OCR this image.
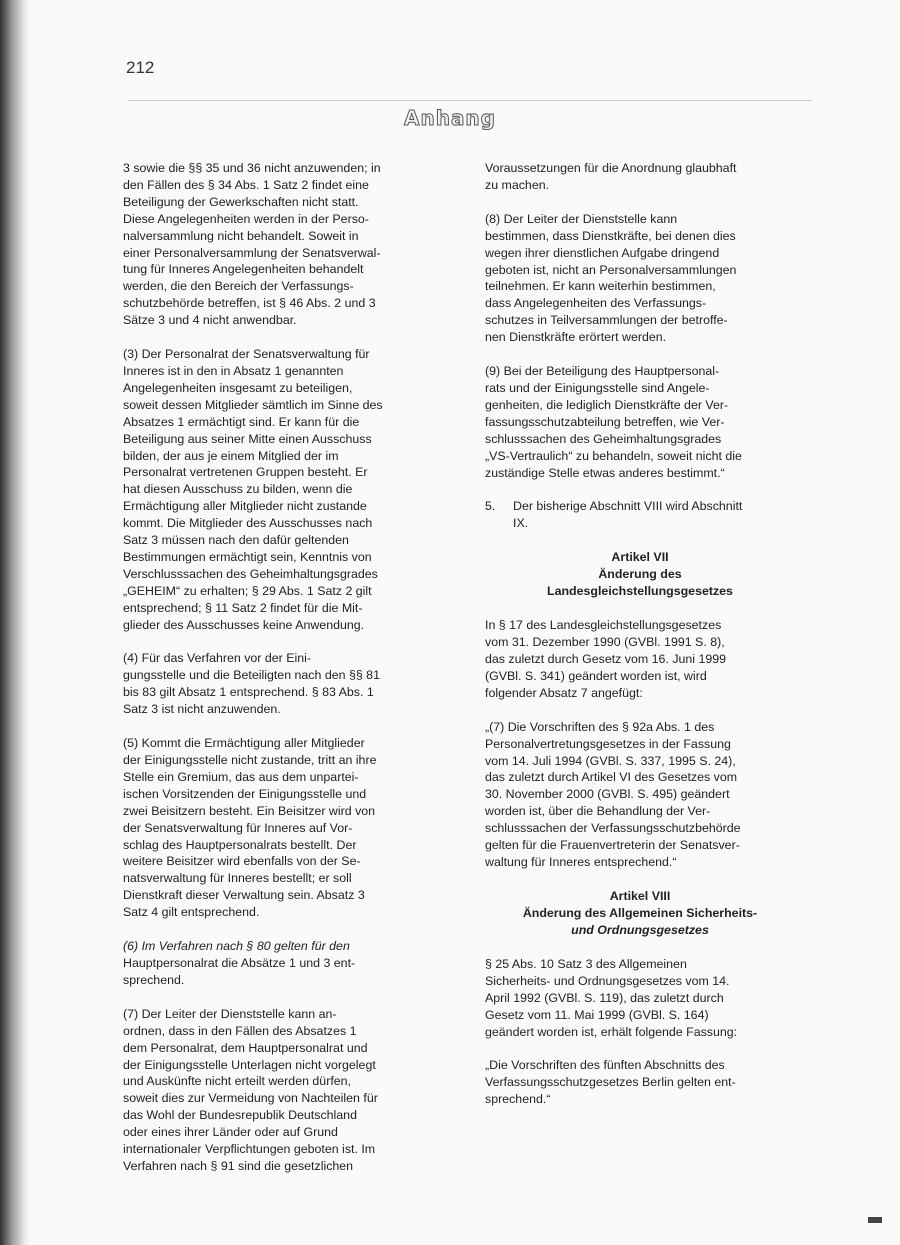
212
Anhang

3 sowie die §§ 35 und 36 nicht anzuwenden; in
den Fällen des § 34 Abs. 1 Satz 2 findet eine
Beteiligung der Gewerkschaften nicht statt.
Diese Angelegenheiten werden in der Perso-
nalversammlung nicht behandelt. Soweit in
einer Personalversammlung der Senatsverwal-
tung für Inneres Angelegenheiten behandelt
werden, die den Bereich der Verfassungs-
schutzbehörde betreffen, ist § 46 Abs. 2 und 3
Sätze 3 und 4 nicht anwendbar.

(3) Der Personalrat der Senatsverwaltung für
Inneres ist in den in Absatz 1 genannten
Angelegenheiten insgesamt zu beteiligen,
soweit dessen Mitglieder sämtlich im Sinne des
Absatzes 1 ermächtigt sind. Er kann für die
Beteiligung aus seiner Mitte einen Ausschuss
bilden, der aus je einem Mitglied der im
Personalrat vertretenen Gruppen besteht. Er
hat diesen Ausschuss zu bilden, wenn die
Ermächtigung aller Mitglieder nicht zustande
kommt. Die Mitglieder des Ausschusses nach
Satz 3 müssen nach den dafür geltenden
Bestimmungen ermächtigt sein, Kenntnis von
Verschlusssachen des Geheimhaltungsgrades
„GEHEIM“ zu erhalten; § 29 Abs. 1 Satz 2 gilt
entsprechend; § 11 Satz 2 findet für die Mit-
glieder des Ausschusses keine Anwendung.

(4) Für das Verfahren vor der Eini-
gungsstelle und die Beteiligten nach den §§ 81
bis 83 gilt Absatz 1 entsprechend. § 83 Abs. 1
Satz 3 ist nicht anzuwenden.

(5) Kommt die Ermächtigung aller Mitglieder
der Einigungsstelle nicht zustande, tritt an ihre
Stelle ein Gremium, das aus dem unpartei-
ischen Vorsitzenden der Einigungsstelle und
zwei Beisitzern besteht. Ein Beisitzer wird von
der Senatsverwaltung für Inneres auf Vor-
schlag des Hauptpersonalrats bestellt. Der
weitere Beisitzer wird ebenfalls von der Se-
natsverwaltung für Inneres bestellt; er soll
Dienstkraft dieser Verwaltung sein. Absatz 3
Satz 4 gilt entsprechend.

(6) Im Verfahren nach § 80 gelten für den
Hauptpersonalrat die Absätze 1 und 3 ent-
sprechend.

(7) Der Leiter der Dienststelle kann an-
ordnen, dass in den Fällen des Absatzes 1
dem Personalrat, dem Hauptpersonalrat und
der Einigungsstelle Unterlagen nicht vorgelegt
und Auskünfte nicht erteilt werden dürfen,
soweit dies zur Vermeidung von Nachteilen für
das Wohl der Bundesrepublik Deutschland
oder eines ihrer Länder oder auf Grund
internationaler Verpflichtungen geboten ist. Im
Verfahren nach § 91 sind die gesetzlichen

Voraussetzungen für die Anordnung glaubhaft
zu machen.

(8) Der Leiter der Dienststelle kann
bestimmen, dass Dienstkräfte, bei denen dies
wegen ihrer dienstlichen Aufgabe dringend
geboten ist, nicht an Personalversammlungen
teilnehmen. Er kann weiterhin bestimmen,
dass Angelegenheiten des Verfassungs-
schutzes in Teilversammlungen der betroffe-
nen Dienstkräfte erörtert werden.

(9) Bei der Beteiligung des Hauptpersonal-
rats und der Einigungsstelle sind Angele-
genheiten, die lediglich Dienstkräfte der Ver-
fassungsschutzabteilung betreffen, wie Ver-
schlusssachen des Geheimhaltungsgrades
„VS-Vertraulich“ zu behandeln, soweit nicht die
zuständige Stelle etwas anderes bestimmt.“

5.	Der bisherige Abschnitt VIII wird Abschnitt
IX.
Artikel VII
Änderung des
Landesgleichstellungsgesetzes

In § 17 des Landesgleichstellungsgesetzes
vom 31. Dezember 1990 (GVBl. 1991 S. 8),
das zuletzt durch Gesetz vom 16. Juni 1999
(GVBl. S. 341) geändert worden ist, wird
folgender Absatz 7 angefügt:

„(7) Die Vorschriften des § 92a Abs. 1 des
Personalvertretungsgesetzes in der Fassung
vom 14. Juli 1994 (GVBl. S. 337, 1995 S. 24),
das zuletzt durch Artikel VI des Gesetzes vom
30. November 2000 (GVBl. S. 495) geändert
worden ist, über die Behandlung der Ver-
schlusssachen der Verfassungsschutzbehörde
gelten für die Frauenvertreterin der Senatsver-
waltung für Inneres entsprechend.“

Artikel VIII
Änderung des Allgemeinen Sicherheits-
und Ordnungsgesetzes

§ 25 Abs. 10 Satz 3 des Allgemeinen
Sicherheits- und Ordnungsgesetzes vom 14.
April 1992 (GVBl. S. 119), das zuletzt durch
Gesetz vom 11. Mai 1999 (GVBl. S. 164)
geändert worden ist, erhält folgende Fassung:

„Die Vorschriften des fünften Abschnitts des
Verfassungsschutzgesetzes Berlin gelten ent-
sprechend.“
